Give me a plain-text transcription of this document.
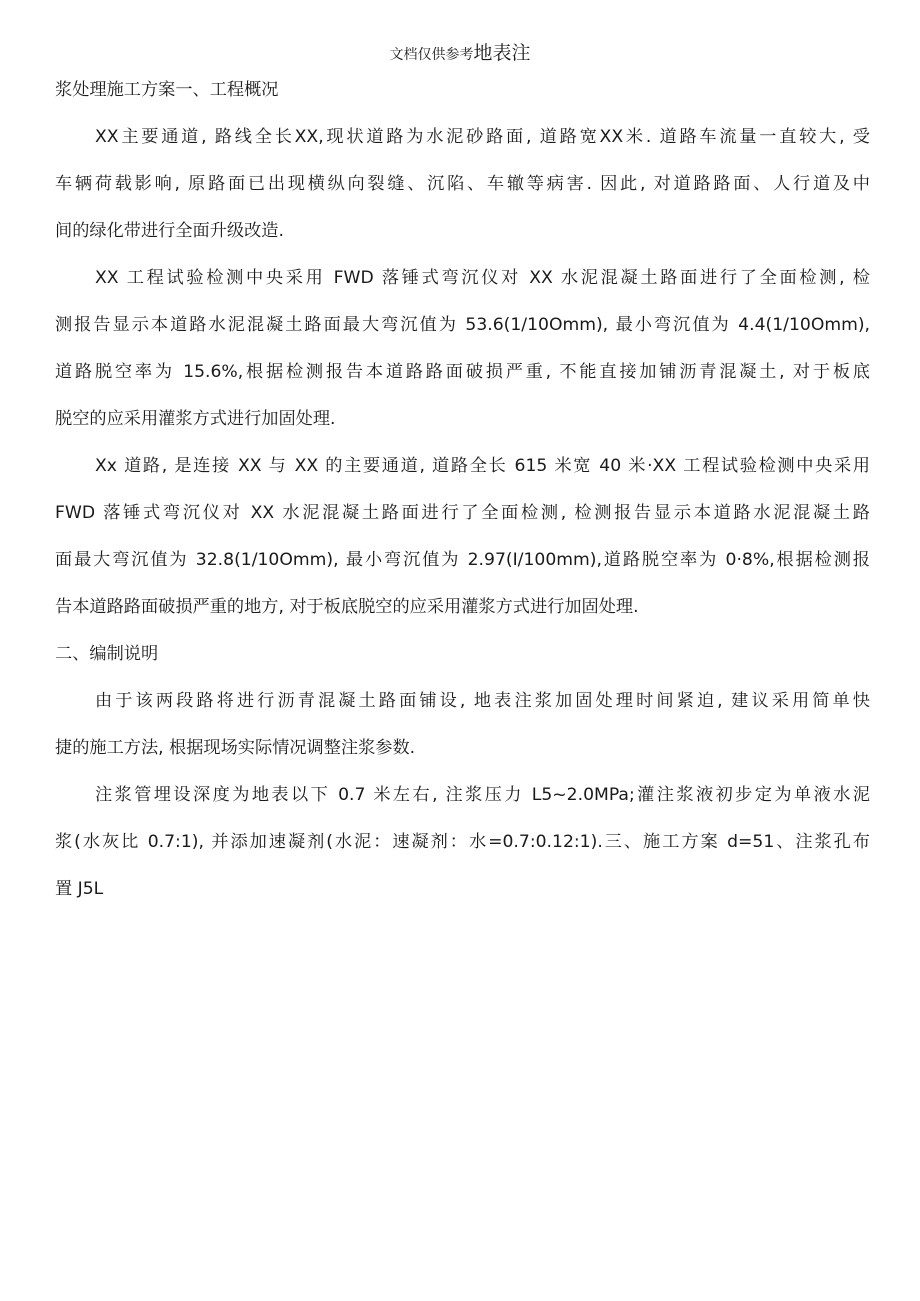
文档仅供参考地表注
浆处理施工方案一、工程概况
XX主要通道, 路线全长XX,现状道路为水泥砂路面, 道路宽XX米. 道路车流量一直较大, 受
车辆荷载影响, 原路面已出现横纵向裂缝、沉陷、车辙等病害. 因此, 对道路路面、人行道及中
间的绿化带进行全面升级改造.
XX 工程试验检测中央采用 FWD 落锤式弯沉仪对 XX 水泥混凝土路面进行了全面检测, 检
测报告显示本道路水泥混凝土路面最大弯沉值为 53.6(1/10Omm), 最小弯沉值为 4.4(1/10Omm),
道路脱空率为 15.6%,根据检测报告本道路路面破损严重, 不能直接加铺沥青混凝土, 对于板底
脱空的应采用灌浆方式进行加固处理.
Xx 道路, 是连接 XX 与 XX 的主要通道, 道路全长 615 米宽 40 米·XX 工程试验检测中央采用
FWD 落锤式弯沉仪对 XX 水泥混凝土路面进行了全面检测, 检测报告显示本道路水泥混凝土路
面最大弯沉值为 32.8(1/10Omm), 最小弯沉值为 2.97(I/100mm),道路脱空率为 0·8%,根据检测报
告本道路路面破损严重的地方, 对于板底脱空的应采用灌浆方式进行加固处理.
二、编制说明
由于该两段路将进行沥青混凝土路面铺设, 地表注浆加固处理时间紧迫, 建议采用简单快
捷的施工方法, 根据现场实际情况调整注浆参数.
注浆管埋设深度为地表以下 0.7 米左右, 注浆压力 L5~2.0MPa;灌注浆液初步定为单液水泥
浆(水灰比 0.7:1), 并添加速凝剂(水泥：速凝剂：水=0.7:0.12:1).三、施工方案 d=51、注浆孔布
置 J5L
